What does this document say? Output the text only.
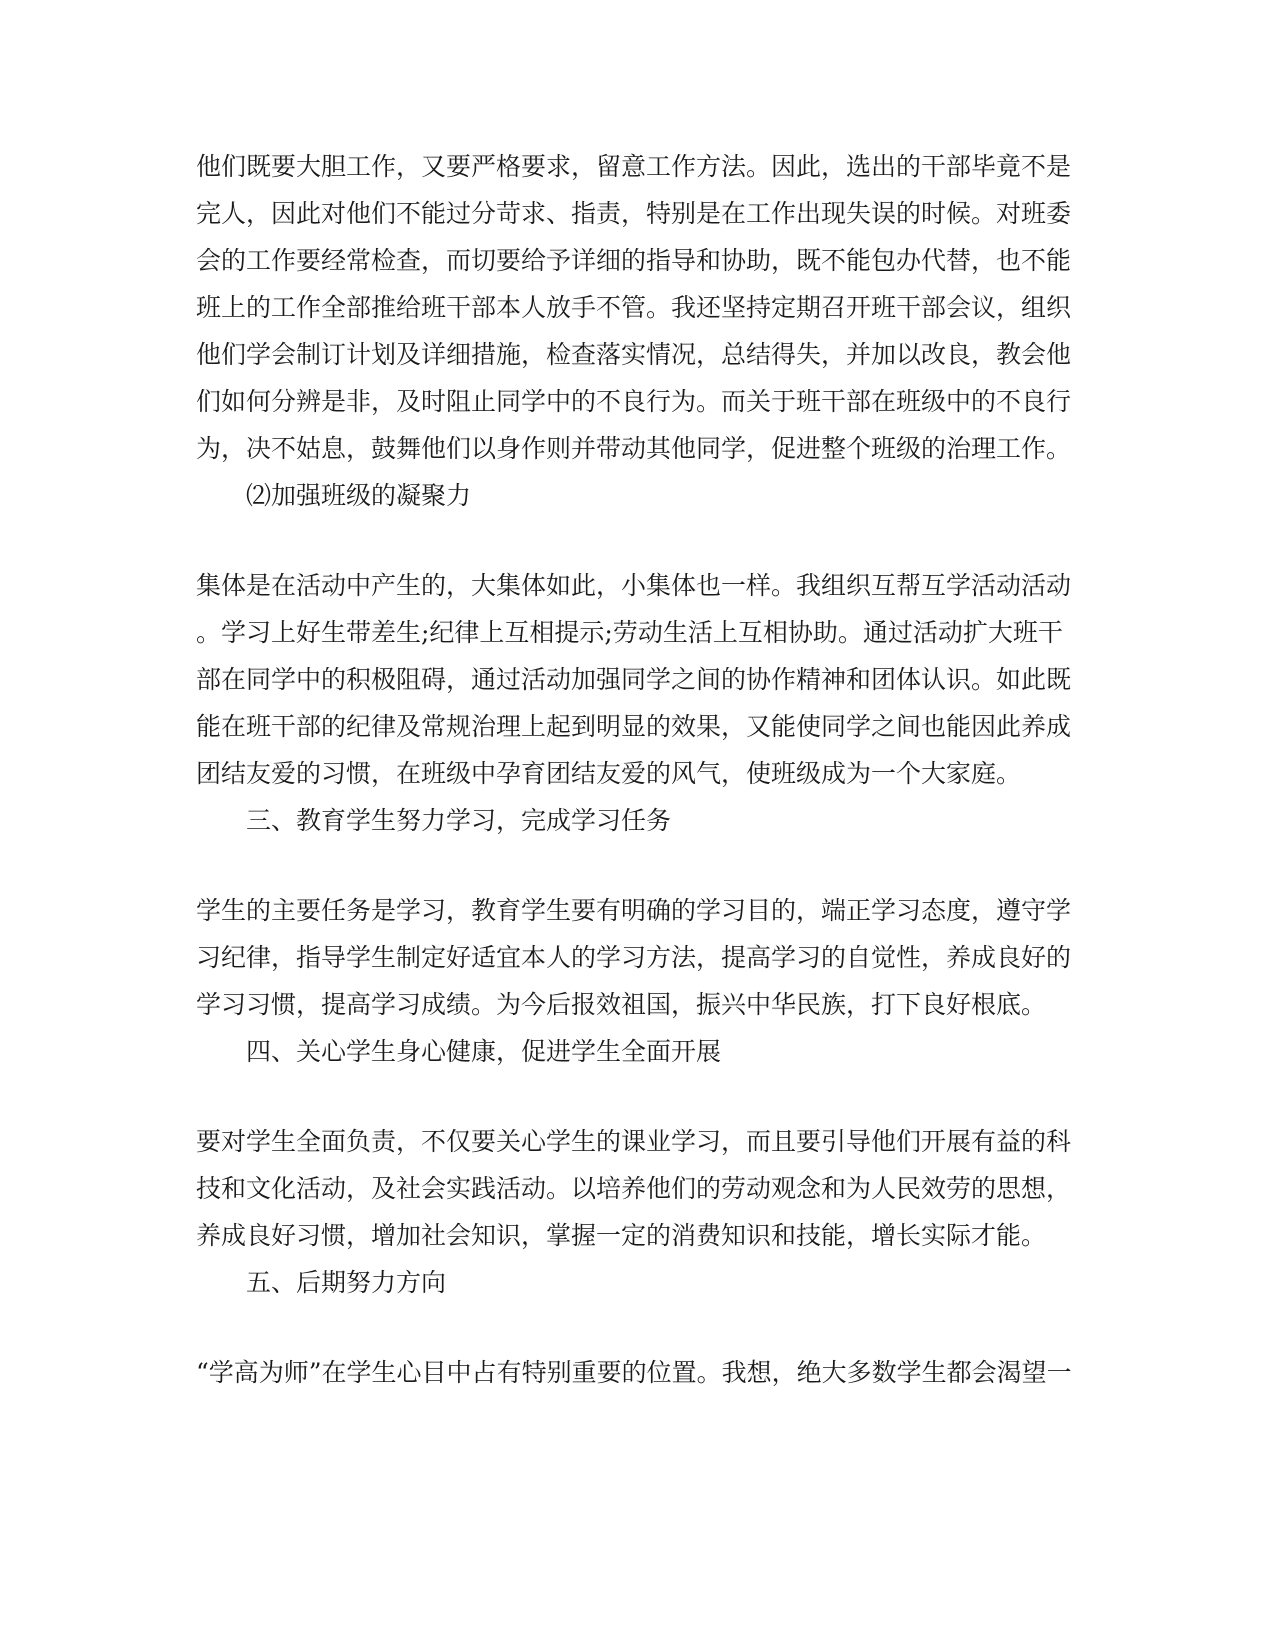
他们既要大胆工作，又要严格要求，留意工作方法。因此，选出的干部毕竟不是
完人，因此对他们不能过分苛求、指责，特别是在工作出现失误的时候。对班委
会的工作要经常检查，而切要给予详细的指导和协助，既不能包办代替，也不能
班上的工作全部推给班干部本人放手不管。我还坚持定期召开班干部会议，组织
他们学会制订计划及详细措施，检查落实情况，总结得失，并加以改良，教会他
们如何分辨是非，及时阻止同学中的不良行为。而关于班干部在班级中的不良行
为，决不姑息，鼓舞他们以身作则并带动其他同学，促进整个班级的治理工作。
⑵加强班级的凝聚力
集体是在活动中产生的，大集体如此，小集体也一样。我组织互帮互学活动活动
。学习上好生带差生;纪律上互相提示;劳动生活上互相协助。通过活动扩大班干
部在同学中的积极阻碍，通过活动加强同学之间的协作精神和团体认识。如此既
能在班干部的纪律及常规治理上起到明显的效果，又能使同学之间也能因此养成
团结友爱的习惯，在班级中孕育团结友爱的风气，使班级成为一个大家庭。
三、教育学生努力学习，完成学习任务
学生的主要任务是学习，教育学生要有明确的学习目的，端正学习态度，遵守学
习纪律，指导学生制定好适宜本人的学习方法，提高学习的自觉性，养成良好的
学习习惯，提高学习成绩。为今后报效祖国，振兴中华民族，打下良好根底。
四、关心学生身心健康，促进学生全面开展
要对学生全面负责，不仅要关心学生的课业学习，而且要引导他们开展有益的科
技和文化活动，及社会实践活动。以培养他们的劳动观念和为人民效劳的思想，
养成良好习惯，增加社会知识，掌握一定的消费知识和技能，增长实际才能。
五、后期努力方向
“学高为师”在学生心目中占有特别重要的位置。我想，绝大多数学生都会渴望一
